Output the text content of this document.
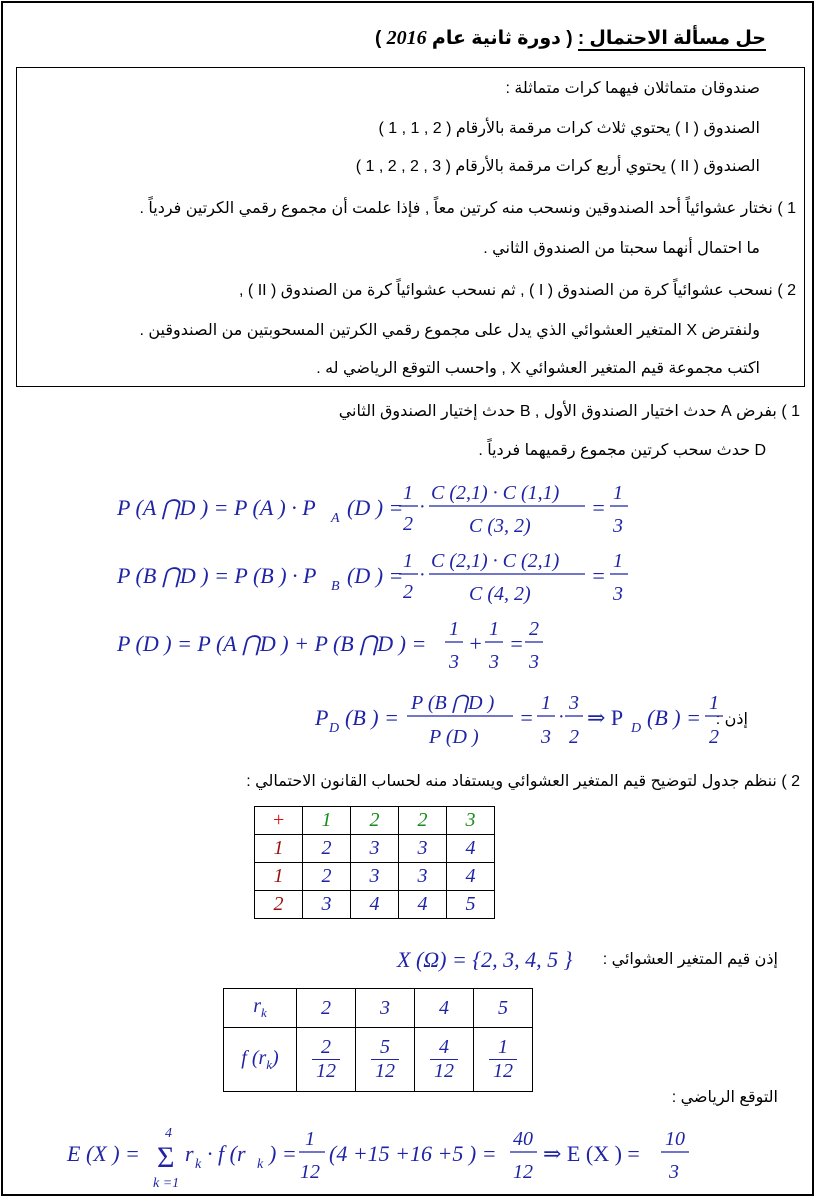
حل مسألة الاحتمال : ( دورة ثانية عام 2016 )
صندوقان متماثلان فيهما كرات متماثلة :
الصندوق ( I ) يحتوي ثلاث كرات مرقمة بالأرقام ( 2 , 1 , 1 )
الصندوق ( II ) يحتوي أربع كرات مرقمة بالأرقام ( 3 , 2 , 2 , 1 )
1 ) نختار عشوائياً أحد الصندوقين ونسحب منه كرتين معاً , فإذا علمت أن مجموع رقمي الكرتين فردياً .
ما احتمال أنهما سحبتا من الصندوق الثاني .
2 ) نسحب عشوائياً كرة من الصندوق ( I ) , ثم نسحب عشوائياً كرة من الصندوق ( II ) ,
ولنفترض X المتغير العشوائي الذي يدل على مجموع رقمي الكرتين المسحوبتين من الصندوقين .
اكتب مجموعة قيم المتغير العشوائي X , واحسب التوقع الرياضي له .
1 ) بفرض A حدث اختيار الصندوق الأول , B حدث إختيار الصندوق الثاني
D حدث سحب كرتين مجموع رقميهما فردياً .
P (A ⋂D ) = P (A ) · P A (D ) =
1
2
·
C (2,1) · C (1,1)
C (3, 2)
=
1
3
P (B ⋂D ) = P (B ) · P B (D ) =
1
2
·
C (2,1) · C (2,1)
C (4, 2)
=
1
3
P (D ) = P (A ⋂D ) + P (B ⋂D ) =
1
3
+
1
3
=
2
3
إذن :
P D (B ) =
P (B ⋂D )
P (D )
=
1
3
·
3
2
⇒ P D (B ) =
1
2
2 ) ننظم جدول لتوضيح قيم المتغير العشوائي ويستفاد منه لحساب القانون الاحتمالي :
+	1	2	2	3
1	2	3	3	4
1	2	3	3	4
2	3	4	4	5
إذن قيم المتغير العشوائي :
X (Ω) = {2, 3, 4, 5 }
$r_k$	2	3	4	5
f $(r_k)$	$\frac{2}{12}$	$\frac{5}{12}$	$\frac{4}{12}$	$\frac{1}{12}$
التوقع الرياضي :
E (X ) =
4
Σ
k =1
r k · f (r k ) =
1
12
(4 +15 +16 +5 ) =
40
12
⇒ E (X ) =
10
3
